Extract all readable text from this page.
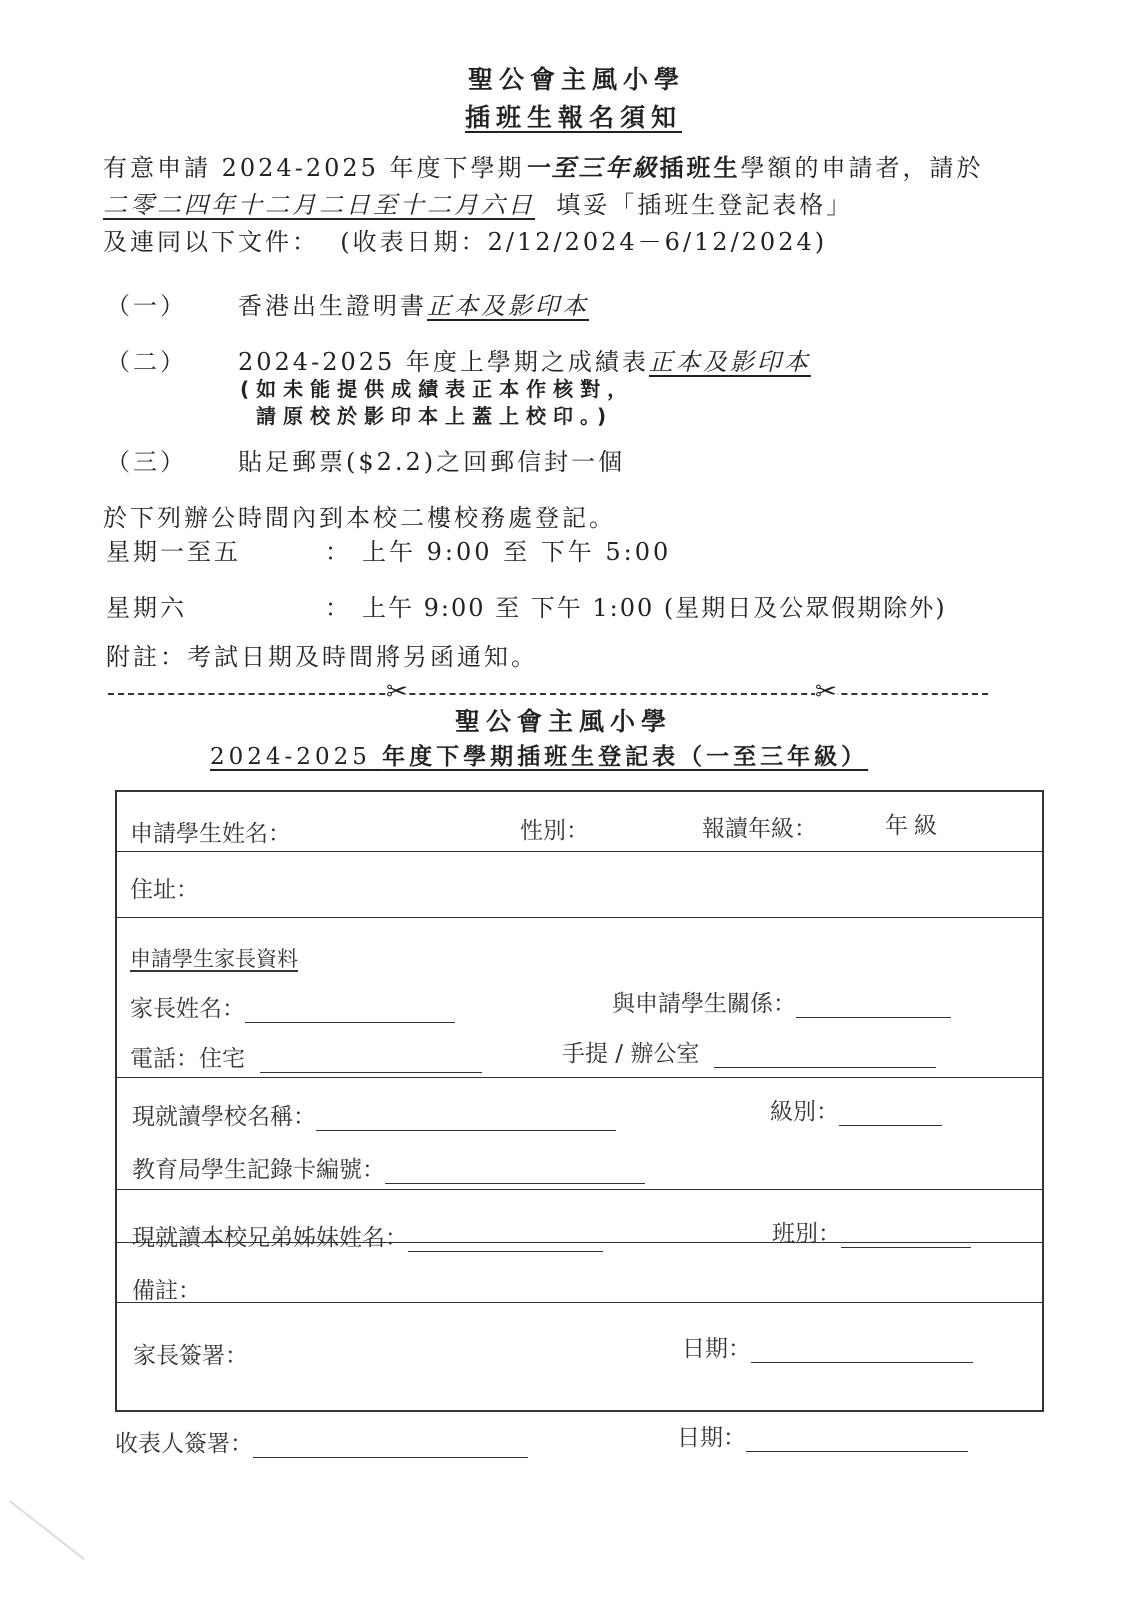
聖公會主風小學
插班生報名須知
有意申請 2024-2025 年度下學期一至三年級插班生學額的申請者，請於
二零二四年十二月二日至十二月六日 填妥「插班生登記表格」
及連同以下文件： (收表日期：2/12/2024－6/12/2024)
（一） 香港出生證明書正本及影印本
（二） 2024-2025 年度上學期之成績表正本及影印本
(如未能提供成績表正本作核對，
請原校於影印本上蓋上校印。)
（三） 貼足郵票($2.2)之回郵信封一個
於下列辦公時間內到本校二樓校務處登記。
星期一至五	： 上午 9:00 至 下午 5:00
星期六	： 上午 9:00 至 下午 1:00 (星期日及公眾假期除外)
附註：考試日期及時間將另函通知。
✂	✂
聖公會主風小學
2024-2025 年度下學期插班生登記表（一至三年級）
申請學生姓名：	性別：	報讀年級：	年級
住址：
申請學生家長資料
家長姓名：	與申請學生關係：
電話：住宅	手提 / 辦公室
現就讀學校名稱：	級別：
教育局學生記錄卡編號：
現就讀本校兄弟姊妹姓名：	班別：
備註：
家長簽署：	日期：
收表人簽署：	日期：
